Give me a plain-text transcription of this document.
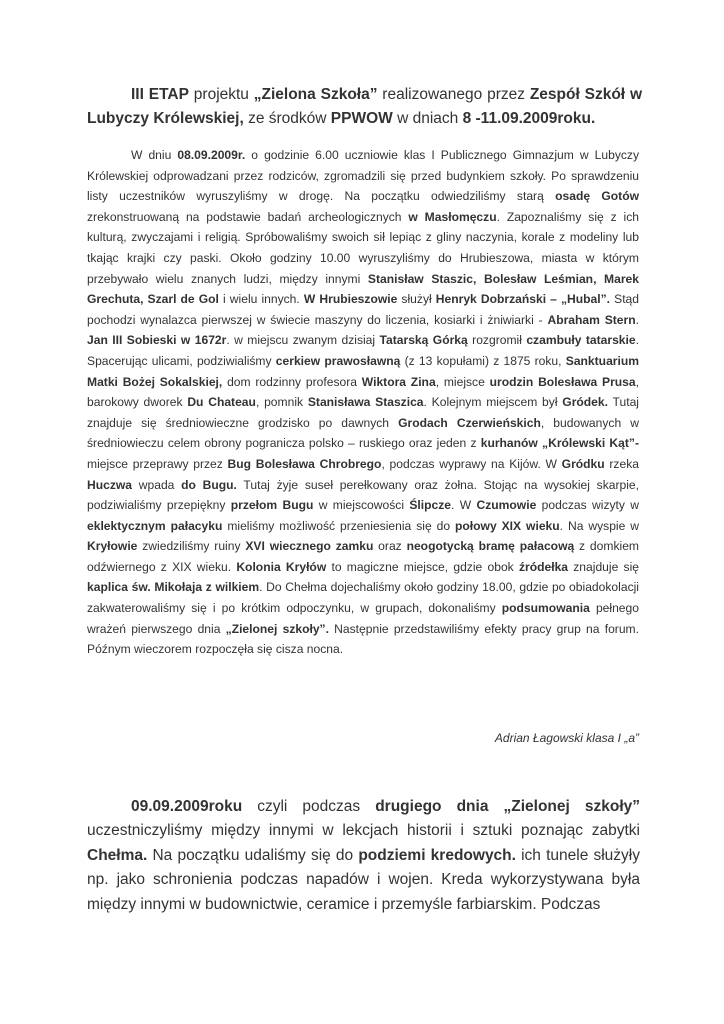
III ETAP projektu „Zielona Szkoła” realizowanego przez Zespół Szkół w Lubyczy Królewskiej, ze środków PPWOW w dniach 8 -11.09.2009roku.

W dniu 08.09.2009r. o godzinie 6.00 uczniowie klas I Publicznego Gimnazjum w Lubyczy Królewskiej odprowadzani przez rodziców, zgromadzili się przed budynkiem szkoły. Po sprawdzeniu listy uczestników wyruszyliśmy w drogę. Na początku odwiedziliśmy starą osadę Gotów zrekonstruowaną na podstawie badań archeologicznych w Masłomęczu. Zapoznaliśmy się z ich kulturą, zwyczajami i religią. Spróbowaliśmy swoich sił lepiąc z gliny naczynia, korale z modeliny lub tkając krajki czy paski. Około godziny 10.00 wyruszyliśmy do Hrubieszowa, miasta w którym przebywało wielu znanych ludzi, między innymi Stanisław Staszic, Bolesław Leśmian, Marek Grechuta, Szarl de Gol i wielu innych. W Hrubieszowie służył Henryk Dobrzański – „Hubal”. Stąd pochodzi wynalazca pierwszej w świecie maszyny do liczenia, kosiarki i żniwiarki - Abraham Stern. Jan III Sobieski w 1672r. w miejscu zwanym dzisiaj Tatarską Górką rozgromił czambuły tatarskie. Spacerując ulicami, podziwialiśmy cerkiew prawosławną (z 13 kopułami) z 1875 roku, Sanktuarium Matki Bożej Sokalskiej, dom rodzinny profesora Wiktora Zina, miejsce urodzin Bolesława Prusa, barokowy dworek Du Chateau, pomnik Stanisława Staszica. Kolejnym miejscem był Gródek. Tutaj znajduje się średniowieczne grodzisko po dawnych Grodach Czerwieńskich, budowanych w średniowieczu celem obrony pogranicza polsko – ruskiego oraz jeden z kurhanów „Królewski Kąt”- miejsce przeprawy przez Bug Bolesława Chrobrego, podczas wyprawy na Kijów. W Gródku rzeka Huczwa wpada do Bugu. Tutaj żyje suseł perełkowany oraz żołna. Stojąc na wysokiej skarpie, podziwialiśmy przepiękny przełom Bugu w miejscowości Ślipcze. W Czumowie podczas wizyty w eklektycznym pałacyku mieliśmy możliwość przeniesienia się do połowy XIX wieku. Na wyspie w Kryłowie zwiedziliśmy ruiny XVI wiecznego zamku oraz neogotycką bramę pałacową z domkiem odźwiernego z XIX wieku. Kolonia Kryłów to magiczne miejsce, gdzie obok źródełka znajduje się kaplica św. Mikołaja z wilkiem. Do Chełma dojechaliśmy około godziny 18.00, gdzie po obiadokolacji zakwaterowaliśmy się i po krótkim odpoczynku, w grupach, dokonaliśmy podsumowania pełnego wrażeń pierwszego dnia „Zielonej szkoły”. Następnie przedstawiliśmy efekty pracy grup na forum. Późnym wieczorem rozpoczęła się cisza nocna.

Adrian Łagowski klasa I „a”

09.09.2009roku czyli podczas drugiego dnia „Zielonej szkoły” uczestniczyliśmy między innymi w lekcjach historii i sztuki poznając zabytki Chełma. Na początku udaliśmy się do podziemi kredowych. ich tunele służyły np. jako schronienia podczas napadów i wojen. Kreda wykorzystywana była między innymi w budownictwie, ceramice i przemyśle farbiarskim. Podczas
